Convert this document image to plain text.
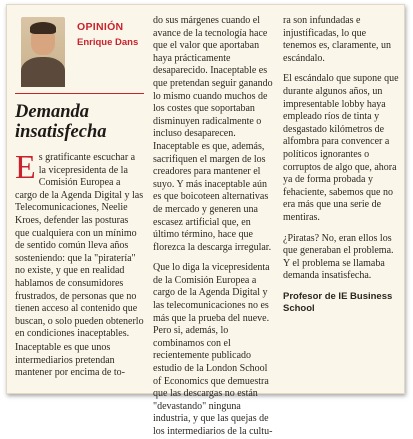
OPINIÓN
Enrique Dans
Demanda insatisfecha

Es gratificante escuchar a la vicepresidenta de la Comisión Europea a cargo de la Agenda Digital y las Telecomunicaciones, Neelie Kroes, defender las posturas que cualquiera con un mínimo de sentido común lleva años sosteniendo: que la "piratería" no existe, y que en realidad hablamos de consumidores frustrados, de personas que no tienen acceso al contenido que buscan, o solo pueden obtenerlo en condiciones inaceptables.

Inaceptable es que unos intermediarios pretendan mantener por encima de to-

do sus márgenes cuando el avance de la tecnología hace que el valor que aportaban haya prácticamente desaparecido. Inaceptable es que pretendan seguir ganando lo mismo cuando muchos de los costes que soportaban disminuyen radicalmente o incluso desaparecen. Inaceptable es que, además, sacrifiquen el margen de los creadores para mantener el suyo. Y más inaceptable aún es que boicoteen alternativas de mercado y generen una escasez artificial que, en último término, hace que florezca la descarga irregular.

Que lo diga la vicepresidenta de la Comisión Europea a cargo de la Agenda Digital y las telecomunicaciones no es más que la prueba del nueve. Pero si, además, lo combinamos con el recientemente publicado estudio de la London School of Economics que demuestra que las descargas no están "devastando" ninguna industria, y que las quejas de los intermediarios de la cultu-

ra son infundadas e injustificadas, lo que tenemos es, claramente, un escándalo.

El escándalo que supone que durante algunos años, un impresentable lobby haya empleado ríos de tinta y desgastado kilómetros de alfombra para convencer a políticos ignorantes o corruptos de algo que, ahora ya de forma probada y fehaciente, sabemos que no era más que una serie de mentiras.

¿Piratas? No, eran ellos los que generaban el problema. Y el problema se llamaba demanda insatisfecha.

Profesor de IE Business School
